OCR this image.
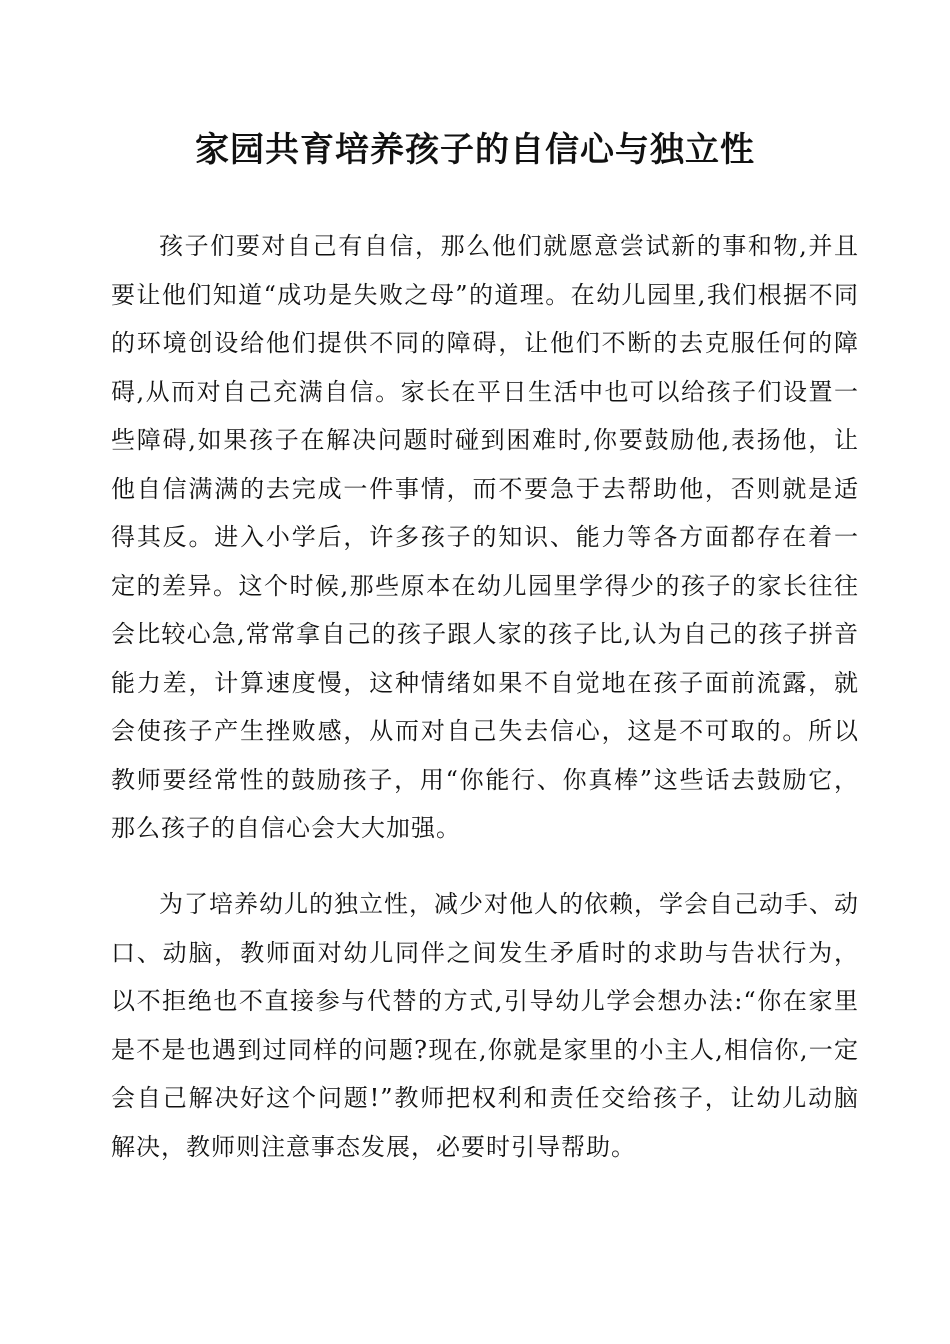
家园共育培养孩子的自信心与独立性

孩子们要对自己有自信，那么他们就愿意尝试新的事和物,并且要让他们知道“成功是失败之母”的道理。在幼儿园里,我们根据不同的环境创设给他们提供不同的障碍，让他们不断的去克服任何的障碍,从而对自己充满自信。家长在平日生活中也可以给孩子们设置一些障碍,如果孩子在解决问题时碰到困难时,你要鼓励他,表扬他，让他自信满满的去完成一件事情，而不要急于去帮助他，否则就是适得其反。进入小学后，许多孩子的知识、能力等各方面都存在着一定的差异。这个时候,那些原本在幼儿园里学得少的孩子的家长往往会比较心急,常常拿自己的孩子跟人家的孩子比,认为自己的孩子拼音能力差，计算速度慢，这种情绪如果不自觉地在孩子面前流露，就会使孩子产生挫败感，从而对自己失去信心，这是不可取的。所以教师要经常性的鼓励孩子，用“你能行、你真棒”这些话去鼓励它，那么孩子的自信心会大大加强。

为了培养幼儿的独立性，减少对他人的依赖，学会自己动手、动口、动脑，教师面对幼儿同伴之间发生矛盾时的求助与告状行为，以不拒绝也不直接参与代替的方式,引导幼儿学会想办法:“你在家里是不是也遇到过同样的问题?现在,你就是家里的小主人,相信你,一定会自己解决好这个问题!”教师把权利和责任交给孩子，让幼儿动脑解决，教师则注意事态发展，必要时引导帮助。
